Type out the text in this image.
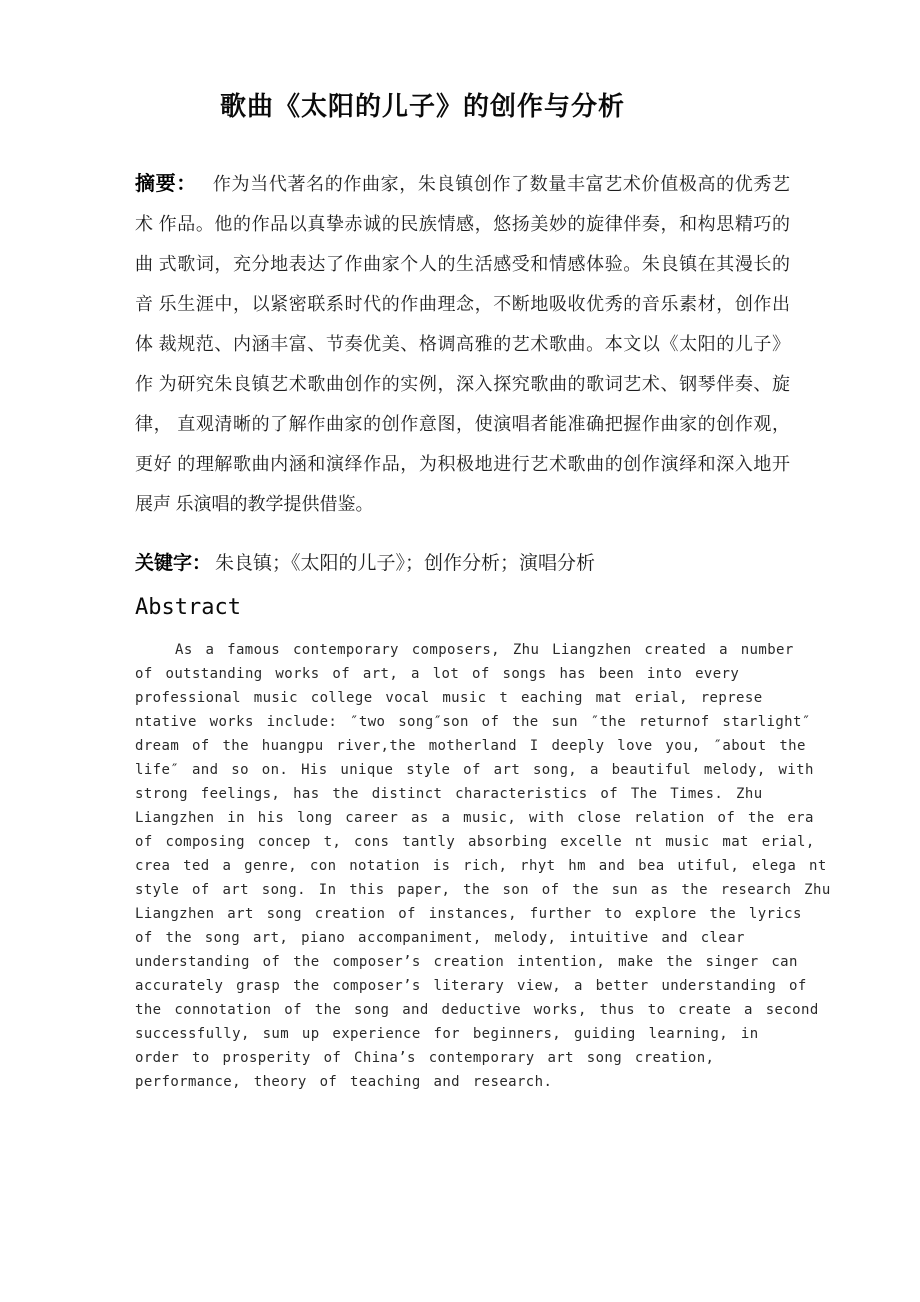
歌曲《太阳的儿子》的创作与分析
摘要： 作为当代著名的作曲家，朱良镇创作了数量丰富艺术价值极高的优秀艺
术 作品。他的作品以真挚赤诚的民族情感，悠扬美妙的旋律伴奏，和构思精巧的
曲 式歌词，充分地表达了作曲家个人的生活感受和情感体验。朱良镇在其漫长的
音 乐生涯中，以紧密联系时代的作曲理念，不断地吸收优秀的音乐素材，创作出
体 裁规范、内涵丰富、节奏优美、格调高雅的艺术歌曲。本文以《太阳的儿子》
作 为研究朱良镇艺术歌曲创作的实例，深入探究歌曲的歌词艺术、钢琴伴奏、旋
律， 直观清晰的了解作曲家的创作意图，使演唱者能准确把握作曲家的创作观，
更好 的理解歌曲内涵和演绎作品，为积极地进行艺术歌曲的创作演绎和深入地开
展声 乐演唱的教学提供借鉴。
关键字： 朱良镇；《太阳的儿子》；创作分析；演唱分析
Abstract
As a famous contemporary composers, Zhu Liangzhen created a number
of outstanding works of art, a lot of songs has been into every
professional music college vocal music t eaching mat erial, represe
ntative works include: ″two song″son of the sun ″the returnof starlight″
dream of the huangpu river,the motherland I deeply love you, ″about the
life″ and so on. His unique style of art song, a beautiful melody, with
strong feelings, has the distinct characteristics of The Times. Zhu
Liangzhen in his long career as a music, with close relation of the era
of composing concep t, cons tantly absorbing excelle nt music mat erial,
crea ted a genre, con notation is rich, rhyt hm and bea utiful, elega nt
style of art song. In this paper, the son of the sun as the research Zhu
Liangzhen art song creation of instances, further to explore the lyrics
of the song art, piano accompaniment, melody, intuitive and clear
understanding of the composer’s creation intention, make the singer can
accurately grasp the composer’s literary view, a better understanding of
the connotation of the song and deductive works, thus to create a second
successfully, sum up experience for beginners, guiding learning, in
order to prosperity of China’s contemporary art song creation,
performance, theory of teaching and research.
